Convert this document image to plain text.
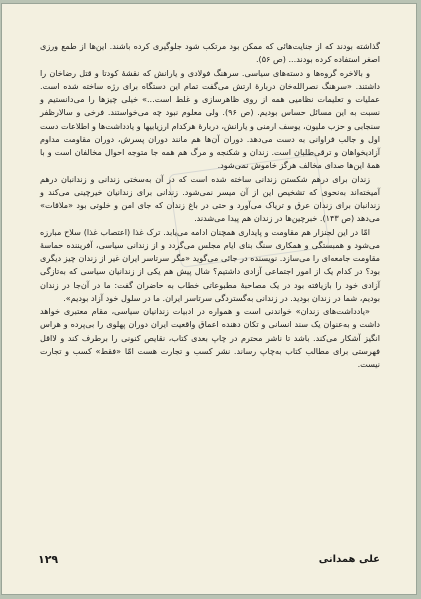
گذاشته بودند که از جنایت‌هائی که ممکن بود مرتکب شود جلوگیری کرده باشند. این‌ها از طمع ورزی اصغر استفاده کرده بودند... (ص ۵۶).

و بالاخره گروه‌ها و دسته‌های سیاسی. سرهنگ فولادی و یارانش که نقشهٔ کودتا و قتل رضاخان را داشتند. «سرهنگ نصرالله‌خان دربارهٔ ارتش می‌گفت تمام این دستگاه برای رژه ساخته شده است. عملیات و تعلیمات نظامیی همه از روی ظاهرسازی و غلط است...» خیلی چیزها را می‌دانستیم و نسبت به این مسائل حساس بودیم. (ص ۹۶). ولی معلوم نبود چه می‌خواستند. فرخی و سالارظفر سنجابی و حزب ملیون، یوسف ارمنی و یارانش، دربارهٔ هرکدام ارزیابیها و یادداشت‌ها و اطلاعات دست اول و جالب فراوانی به دست می‌دهد. دوران آن‌ها هم مانند دوران پسرش، دوران مقاومت مداوم آزادیخواهان و ترقی‌طلبان است. زندان و شکنجه و مرگ هم همه جا متوجه احوال مخالفان است و با همهٔ این‌ها صدای مخالف هرگز خاموش نمی‌شود.

زندان برای درهم شکستن زندانی ساخته شده است که در آن به‌سختی زندانی و زندانبان درهم آمیخته‌اند به‌نحوی که تشخیص این از آن میسر نمی‌شود. زندانی برای زندانیان خیرچینی می‌کند و زندانبان برای زندان عرق و تریاک می‌آورد و حتی در باغ زندان که جای امن و خلوتی بود «ملاقات» می‌دهد (ص ۱۴۳). خبرچین‌ها در زندان هم پیدا می‌شدند.

امّا در این لجنزار هم مقاومت و پایداری همچنان ادامه می‌یابد. ترک غذا (اعتصاب غذا) سلاح مبارزه می‌شود و همبستگی و همکاری سنگ بنای ایام مجلس می‌گردد و از زندانی سیاسی، آفریننده حماسهٔ مقاومت جامعه‌ای را می‌سازد. نویسنده در جائی می‌گوید «مگر سرتاسر ایران غیر از زندان چیز دیگری بود؟ در کدام یک از امور اجتماعی آزادی داشتیم؟ شال پیش هم یکی از زندانیان سیاسی که به‌تازگی آزادی خود را بازیافته بود در یک مصاحبهٔ مطبوعاتی خطاب به حاضران گفت: ما در آن‌جا در زندان بودیم، شما در زندان بودید. در زندانی به‌گستردگی سرتاسر ایران. ما در سلول خود آزاد بودیم».

«یادداشت‌های زندان» خواندنی است و همواره در ادبیات زندانیان سیاسی، مقام معتبری خواهد داشت و به‌عنوان یک سند انسانی و تکان دهنده اعماق واقعیت ایران دوران پهلوی را بی‌پرده و هراس انگیز آشکار می‌کند. باشد تا ناشر محترم در چاپ بعدی کتاب، نقایص کنونی را برطرف کند و لااقل فهرستی برای مطالب کتاب به‌چاپ رساند. نشر کسب و تجارت هست امّا «فقط» کسب و تجارت نیست.

علی همدانی
۱۲۹
